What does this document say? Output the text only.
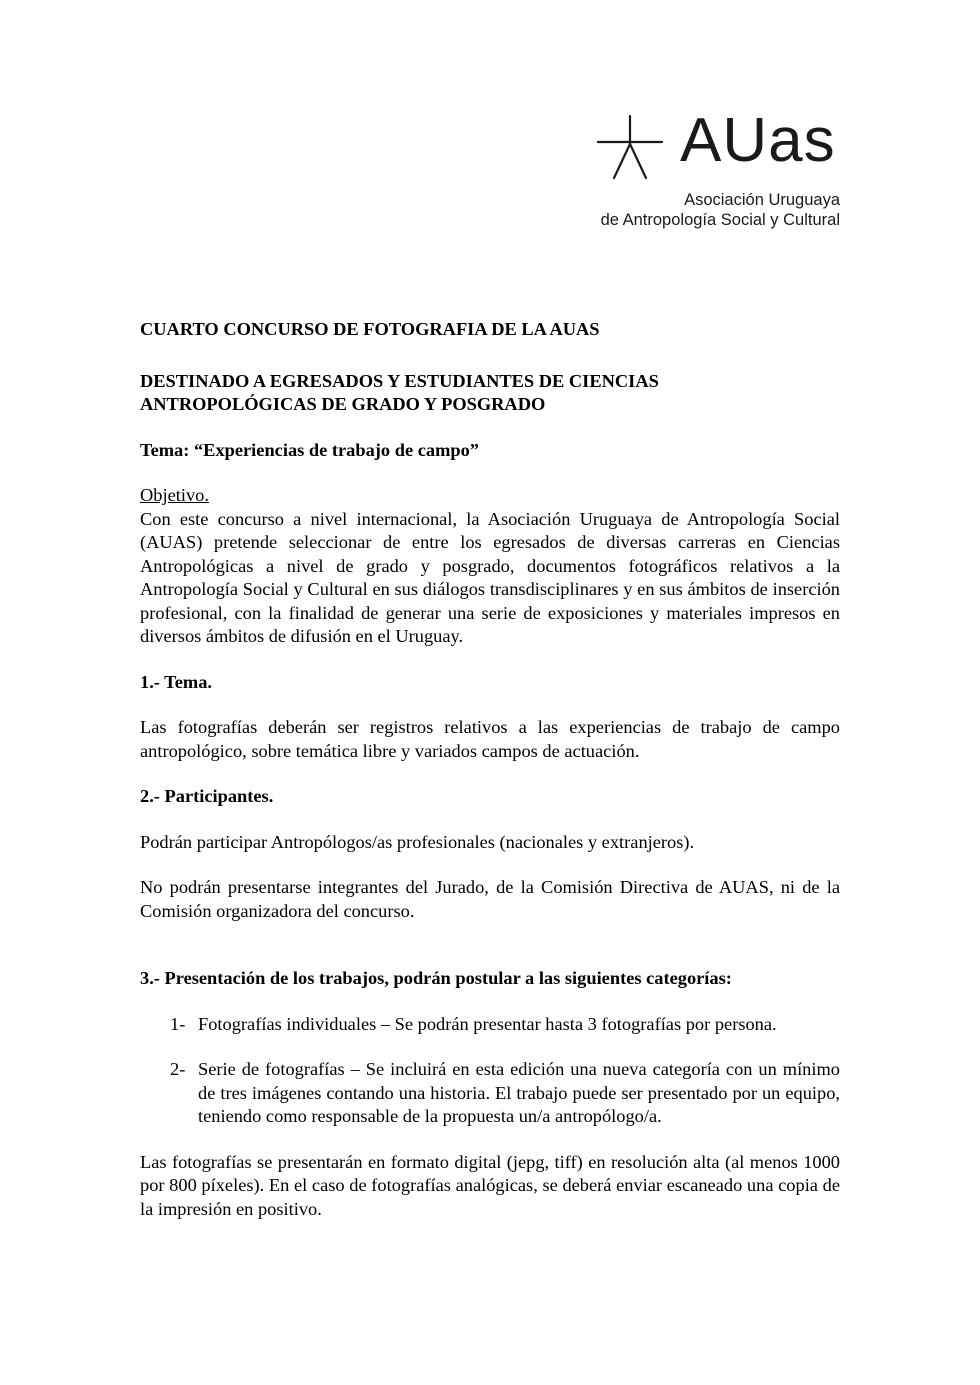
AUas
Asociación Uruguaya
de Antropología Social y Cultural

CUARTO CONCURSO DE FOTOGRAFIA DE LA AUAS

DESTINADO A EGRESADOS Y ESTUDIANTES DE CIENCIAS

ANTROPOLÓGICAS DE GRADO Y POSGRADO

Tema: “Experiencias de trabajo de campo”

Objetivo.

Con este concurso a nivel internacional, la Asociación Uruguaya de Antropología Social (AUAS) pretende seleccionar de entre los egresados de diversas carreras en Ciencias Antropológicas a nivel de grado y posgrado, documentos fotográficos relativos a la Antropología Social y Cultural en sus diálogos transdisciplinares y en sus ámbitos de inserción profesional, con la finalidad de generar una serie de exposiciones y materiales impresos en diversos ámbitos de difusión en el Uruguay.

1.- Tema.

Las fotografías deberán ser registros relativos a las experiencias de trabajo de campo antropológico, sobre temática libre y variados campos de actuación.

2.- Participantes.

Podrán participar Antropólogos/as profesionales (nacionales y extranjeros).

No podrán presentarse integrantes del Jurado, de la Comisión Directiva de AUAS, ni de la Comisión organizadora del concurso.

3.- Presentación de los trabajos, podrán postular a las siguientes categorías:

1- Fotografías individuales – Se podrán presentar hasta 3 fotografías por persona.
2- Serie de fotografías – Se incluirá en esta edición una nueva categoría con un mínimo de tres imágenes contando una historia. El trabajo puede ser presentado por un equipo, teniendo como responsable de la propuesta un/a antropólogo/a.

Las fotografías se presentarán en formato digital (jepg, tiff) en resolución alta (al menos 1000 por 800 píxeles). En el caso de fotografías analógicas, se deberá enviar escaneado una copia de la impresión en positivo.
